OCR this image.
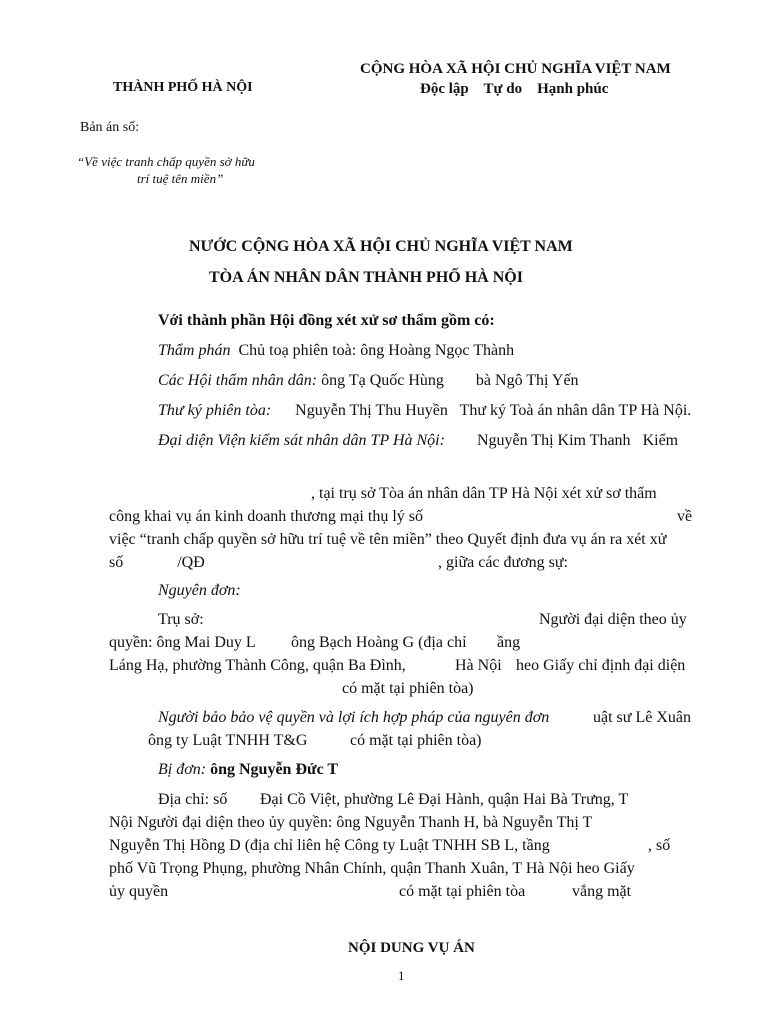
THÀNH PHỐ HÀ NỘI
CỘNG HÒA XÃ HỘI CHỦ NGHĨA VIỆT NAM
Độc lập Tự do Hạnh phúc
Bản án số:
“Về việc tranh chấp quyền sở hữu
trí tuệ tên miền”
NƯỚC CỘNG HÒA XÃ HỘI CHỦ NGHĨA VIỆT NAM
TÒA ÁN NHÂN DÂN THÀNH PHỐ HÀ NỘI
Với thành phần Hội đồng xét xử sơ thẩm gồm có:
Thẩm phán Chủ toạ phiên toà: ông Hoàng Ngọc Thành
Các Hội thẩm nhân dân: ông Tạ Quốc Hùng bà Ngô Thị Yến
Thư ký phiên tòa: Nguyễn Thị Thu Huyền Thư ký Toà án nhân dân TP Hà Nội.
Đại diện Viện kiểm sát nhân dân TP Hà Nội: Nguyễn Thị Kim Thanh Kiểm
, tại trụ sở Tòa án nhân dân TP Hà Nội xét xử sơ thẩm
công khai vụ án kinh doanh thương mại thụ lý số	về
việc “tranh chấp quyền sở hữu trí tuệ về tên miền” theo Quyết định đưa vụ án ra xét xử
số	/QĐ	, giữa các đương sự:
Nguyên đơn:
Trụ sở:	Người đại diện theo ủy
quyền: ông Mai Duy L ông Bạch Hoàng G (địa chỉ ầng
Láng Hạ, phường Thành Công, quận Ba Đình,	Hà Nội heo Giấy chỉ định đại diện
có mặt tại phiên tòa)
Người bảo bảo vệ quyền và lợi ích hợp pháp của nguyên đơn	uật sư Lê Xuân
ông ty Luật TNHH T&G	có mặt tại phiên tòa)
Bị đơn: ông Nguyễn Đức T
Địa chỉ: số Đại Cồ Việt, phường Lê Đại Hành, quận Hai Bà Trưng, T
Nội Người đại diện theo ủy quyền: ông Nguyễn Thanh H, bà Nguyễn Thị T
Nguyễn Thị Hồng D (địa chỉ liên hệ Công ty Luật TNHH SB L, tầng	, số
phố Vũ Trọng Phụng, phường Nhân Chính, quận Thanh Xuân, T Hà Nội heo Giấy
ủy quyền	có mặt tại phiên tòa	vắng mặt
NỘI DUNG VỤ ÁN
1
